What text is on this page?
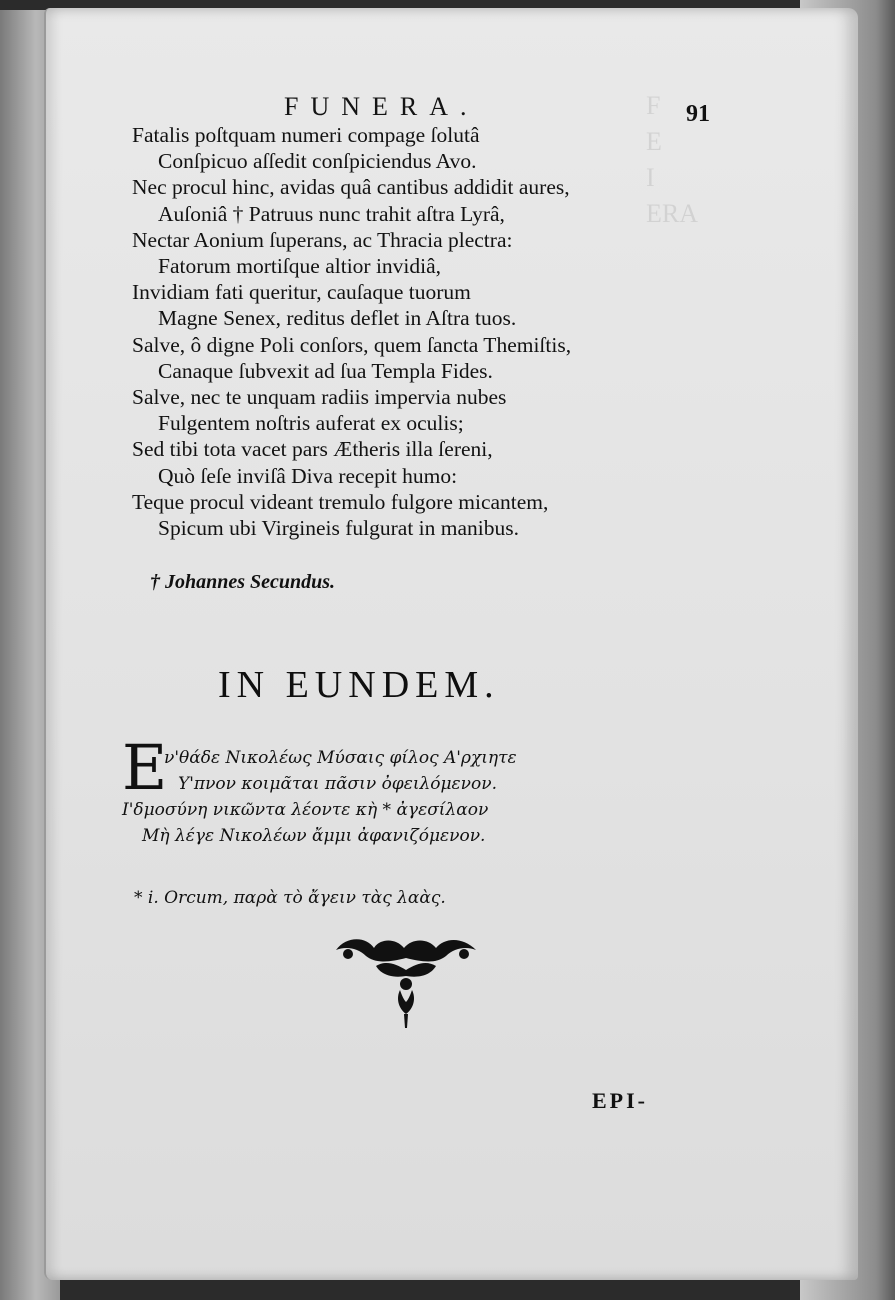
F
E
I
ERA
FUNERA.	91
Fatalis poſtquam numeri compage ſolutâ
Conſpicuo aſſedit conſpiciendus Avo.
Nec procul hinc, avidas quâ cantibus addidit aures,
Auſoniâ † Patruus nunc trahit aſtra Lyrâ,
Nectar Aonium ſuperans, ac Thracia plectra:
Fatorum mortiſque altior invidiâ,
Invidiam fati queritur, cauſaque tuorum
Magne Senex, reditus deflet in Aſtra tuos.
Salve, ô digne Poli conſors, quem ſancta Themiſtis,
Canaque ſubvexit ad ſua Templa Fides.
Salve, nec te unquam radiis impervia nubes
Fulgentem noſtris auferat ex oculis;
Sed tibi tota vacet pars Ætheris illa ſereni,
Quò ſeſe inviſâ Diva recepit humo:
Teque procul videant tremulo fulgore micantem,
Spicum ubi Virgineis fulgurat in manibus.
† Johannes Secundus.
IN EUNDEM.
E
ν'θάδε Νικολέως Μύσαις φίλος Α'ρχιητε
Υ'πνον κοιμᾶται πᾶσιν ὀφειλόμενον.
Ι'δμοσύνη νικῶντα λέοντε κὴ * ἀγεσίλαον
Μὴ λέγε Νικολέων ἄμμι ἀφανιζόμενον.
* i. Orcum, παρὰ τὸ ἄγειν τὰς λαὰς.
EPI-
